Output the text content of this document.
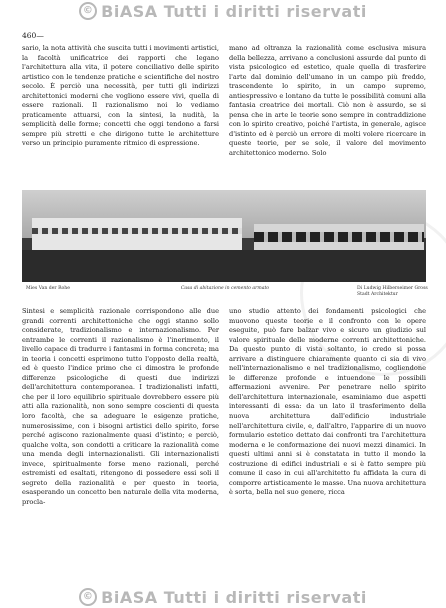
© BiASA Tutti i diritti riservati
460—

sario, la nota attività che suscita tutti i movimenti artistici, la facoltà unificatrice dei rapporti che legano l'architettura alla vita, il potere conciliativo delle spirito artistico con le tendenze pratiche e scientifiche del nostro secolo. È perciò una necessità, per tutti gli indirizzi architettonici moderni che vogliono essere vivi, quella di essere razionali. Il razionalismo noi lo vediamo praticamente attuarsi, con la sintesi, la nudità, la semplicità delle forme; concetti che oggi tendono a farsi sempre più stretti e che dirigono tutte le architetture verso un principio puramente ritmico di espressione.

mano ad oltranza la razionalità come esclusiva misura della bellezza, arrivano a conclusioni assurde dal punto di vista psicologico ed estetico, quale quella di trasferire l'arte dal dominio dell'umano in un campo più freddo, trascendente lo spirito, in un campo supremo, antiespressivo e lontano da tutte le possibilità comuni alla fantasia creatrice dei mortali. Ciò non è assurdo, se si pensa che in arte le teorie sono sempre in contraddizione con lo spirito creativo, poiché l'artista, in generale, agisce d'istinto ed è perciò un errore di molti volere ricercare in queste teorie, per se sole, il valore del movimento architettonico moderno. Solo

Mies Van der Rohe	Casa di abitazione in cemento armato	Di Ludwig Hilberseimer Gross Stadt Architektur

Sintesi e semplicità razionale corrispondono alle due grandi correnti architettoniche che oggi stanno sollo considerate, tradizionalismo e internazionalismo. Per entrambe le correnti il razionalismo è l'inerimento, il livello capace di tradurre i fantasmi in forma concreta; ma in teoria i concetti esprimono tutto l'opposto della realtà, ed è questo l'indice primo che ci dimostra le profonde differenze psicologiche di questi due indirizzi dell'architettura contemporanea. I tradizionalisti infatti, che per il loro equilibrio spirituale dovrebbero essere più atti alla razionalità, non sono sempre coscienti di questa loro facoltà, che sa adeguare le esigenze pratiche, numerosissime, con i bisogni artistici dello spirito, forse perché agiscono razionalmente quasi d'istinto; e perciò, qualche volta, son condotti a criticare la razionalità come una menda degli internazionalisti. Gli internazionalisti invece, spiritualmente forse meno razionali, perché estremisti ed esaltati, ritengono di possedere essi soli il segreto della razionalità e per questo in teoria, esasperando un concetto ben naturale della vita moderna, procla-

uno studio attento dei fondamenti psicologici che muovono queste teorie e il confronto con le opere eseguite, può fare balzar vivo e sicuro un giudizio sul valore spirituale delle moderne correnti architettoniche. Da questo punto di vista soltanto, io credo si possa arrivare a distinguere chiaramente quanto ci sia di vivo nell'internazionalismo e nel tradizionalismo, cogliendone le differenze profonde e intuendone le possibili affermazioni avvenire. Per penetrare nello spirito dell'architettura internazionale, esaminiamo due aspetti interessanti di essa: da un lato il trasferimento della nuova architettura dall'edificio industriale nell'architettura civile, e, dall'altro, l'apparire di un nuovo formulario estetico dettato dai confronti tra l'architettura moderna e le conformazione dei nuovi mezzi dinamici. In questi ultimi anni si è constatata in tutto il mondo la costruzione di edifici industriali e si è fatto sempre più comune il caso in cui all'architetto fu affidata la cura di comporre artisticamente le masse. Una nuova architettura è sorta, bella nel suo genere, ricca

© BiASA Tutti i diritti riservati
